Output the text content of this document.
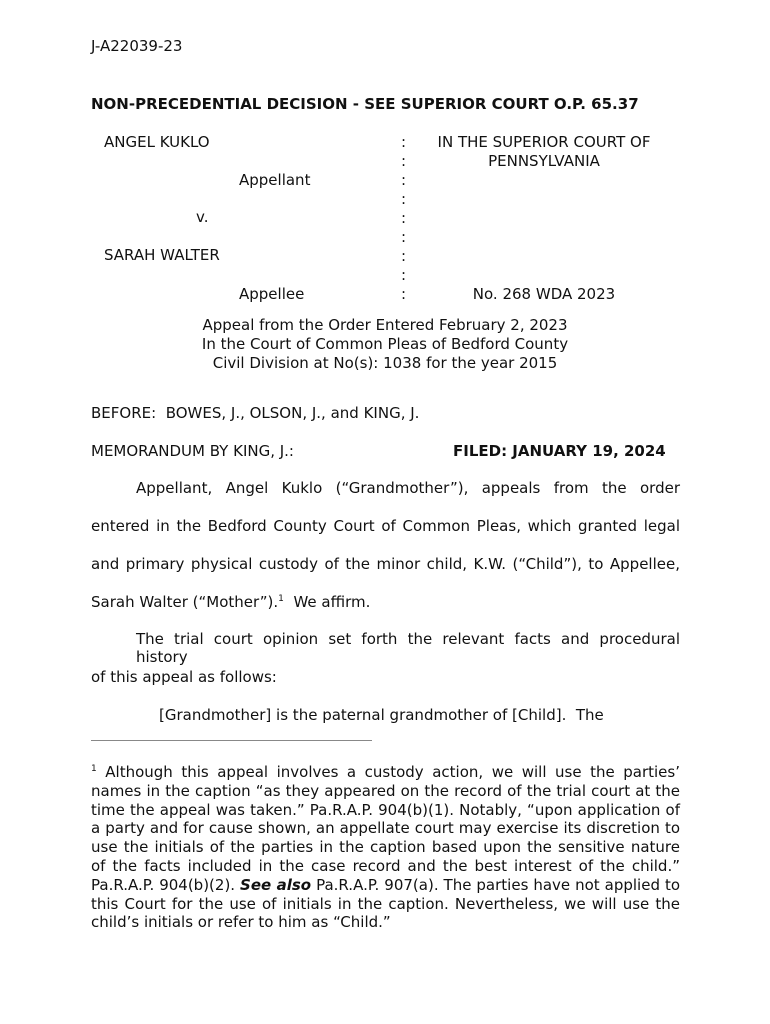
J-A22039-23
NON-PRECEDENTIAL DECISION - SEE SUPERIOR COURT O.P. 65.37
ANGEL KUKLO
Appellant
v.
SARAH WALTER
Appellee
:
:
:
:
:
:
:
:
:
IN THE SUPERIOR COURT OF
PENNSYLVANIA
No. 268 WDA 2023
Appeal from the Order Entered February 2, 2023
In the Court of Common Pleas of Bedford County
Civil Division at No(s): 1038 for the year 2015
BEFORE:  BOWES, J., OLSON, J., and KING, J.
MEMORANDUM BY KING, J.:	FILED: JANUARY 19, 2024
Appellant, Angel Kuklo (“Grandmother”), appeals from the order
entered in the Bedford County Court of Common Pleas, which granted legal
and primary physical custody of the minor child, K.W. (“Child”), to Appellee,
Sarah Walter (“Mother”).$^1$  We affirm.
The trial court opinion set forth the relevant facts and procedural history
of this appeal as follows:
[Grandmother] is the paternal grandmother of [Child].  The
$^1$ Although this appeal involves a custody action, we will use the parties’ names in the caption “as they appeared on the record of the trial court at the time the appeal was taken.” Pa.R.A.P. 904(b)(1). Notably, “upon application of a party and for cause shown, an appellate court may exercise its discretion to use the initials of the parties in the caption based upon the sensitive nature of the facts included in the case record and the best interest of the child.” Pa.R.A.P. 904(b)(2). See also Pa.R.A.P. 907(a). The parties have not applied to this Court for the use of initials in the caption. Nevertheless, we will use the child’s initials or refer to him as “Child.”
